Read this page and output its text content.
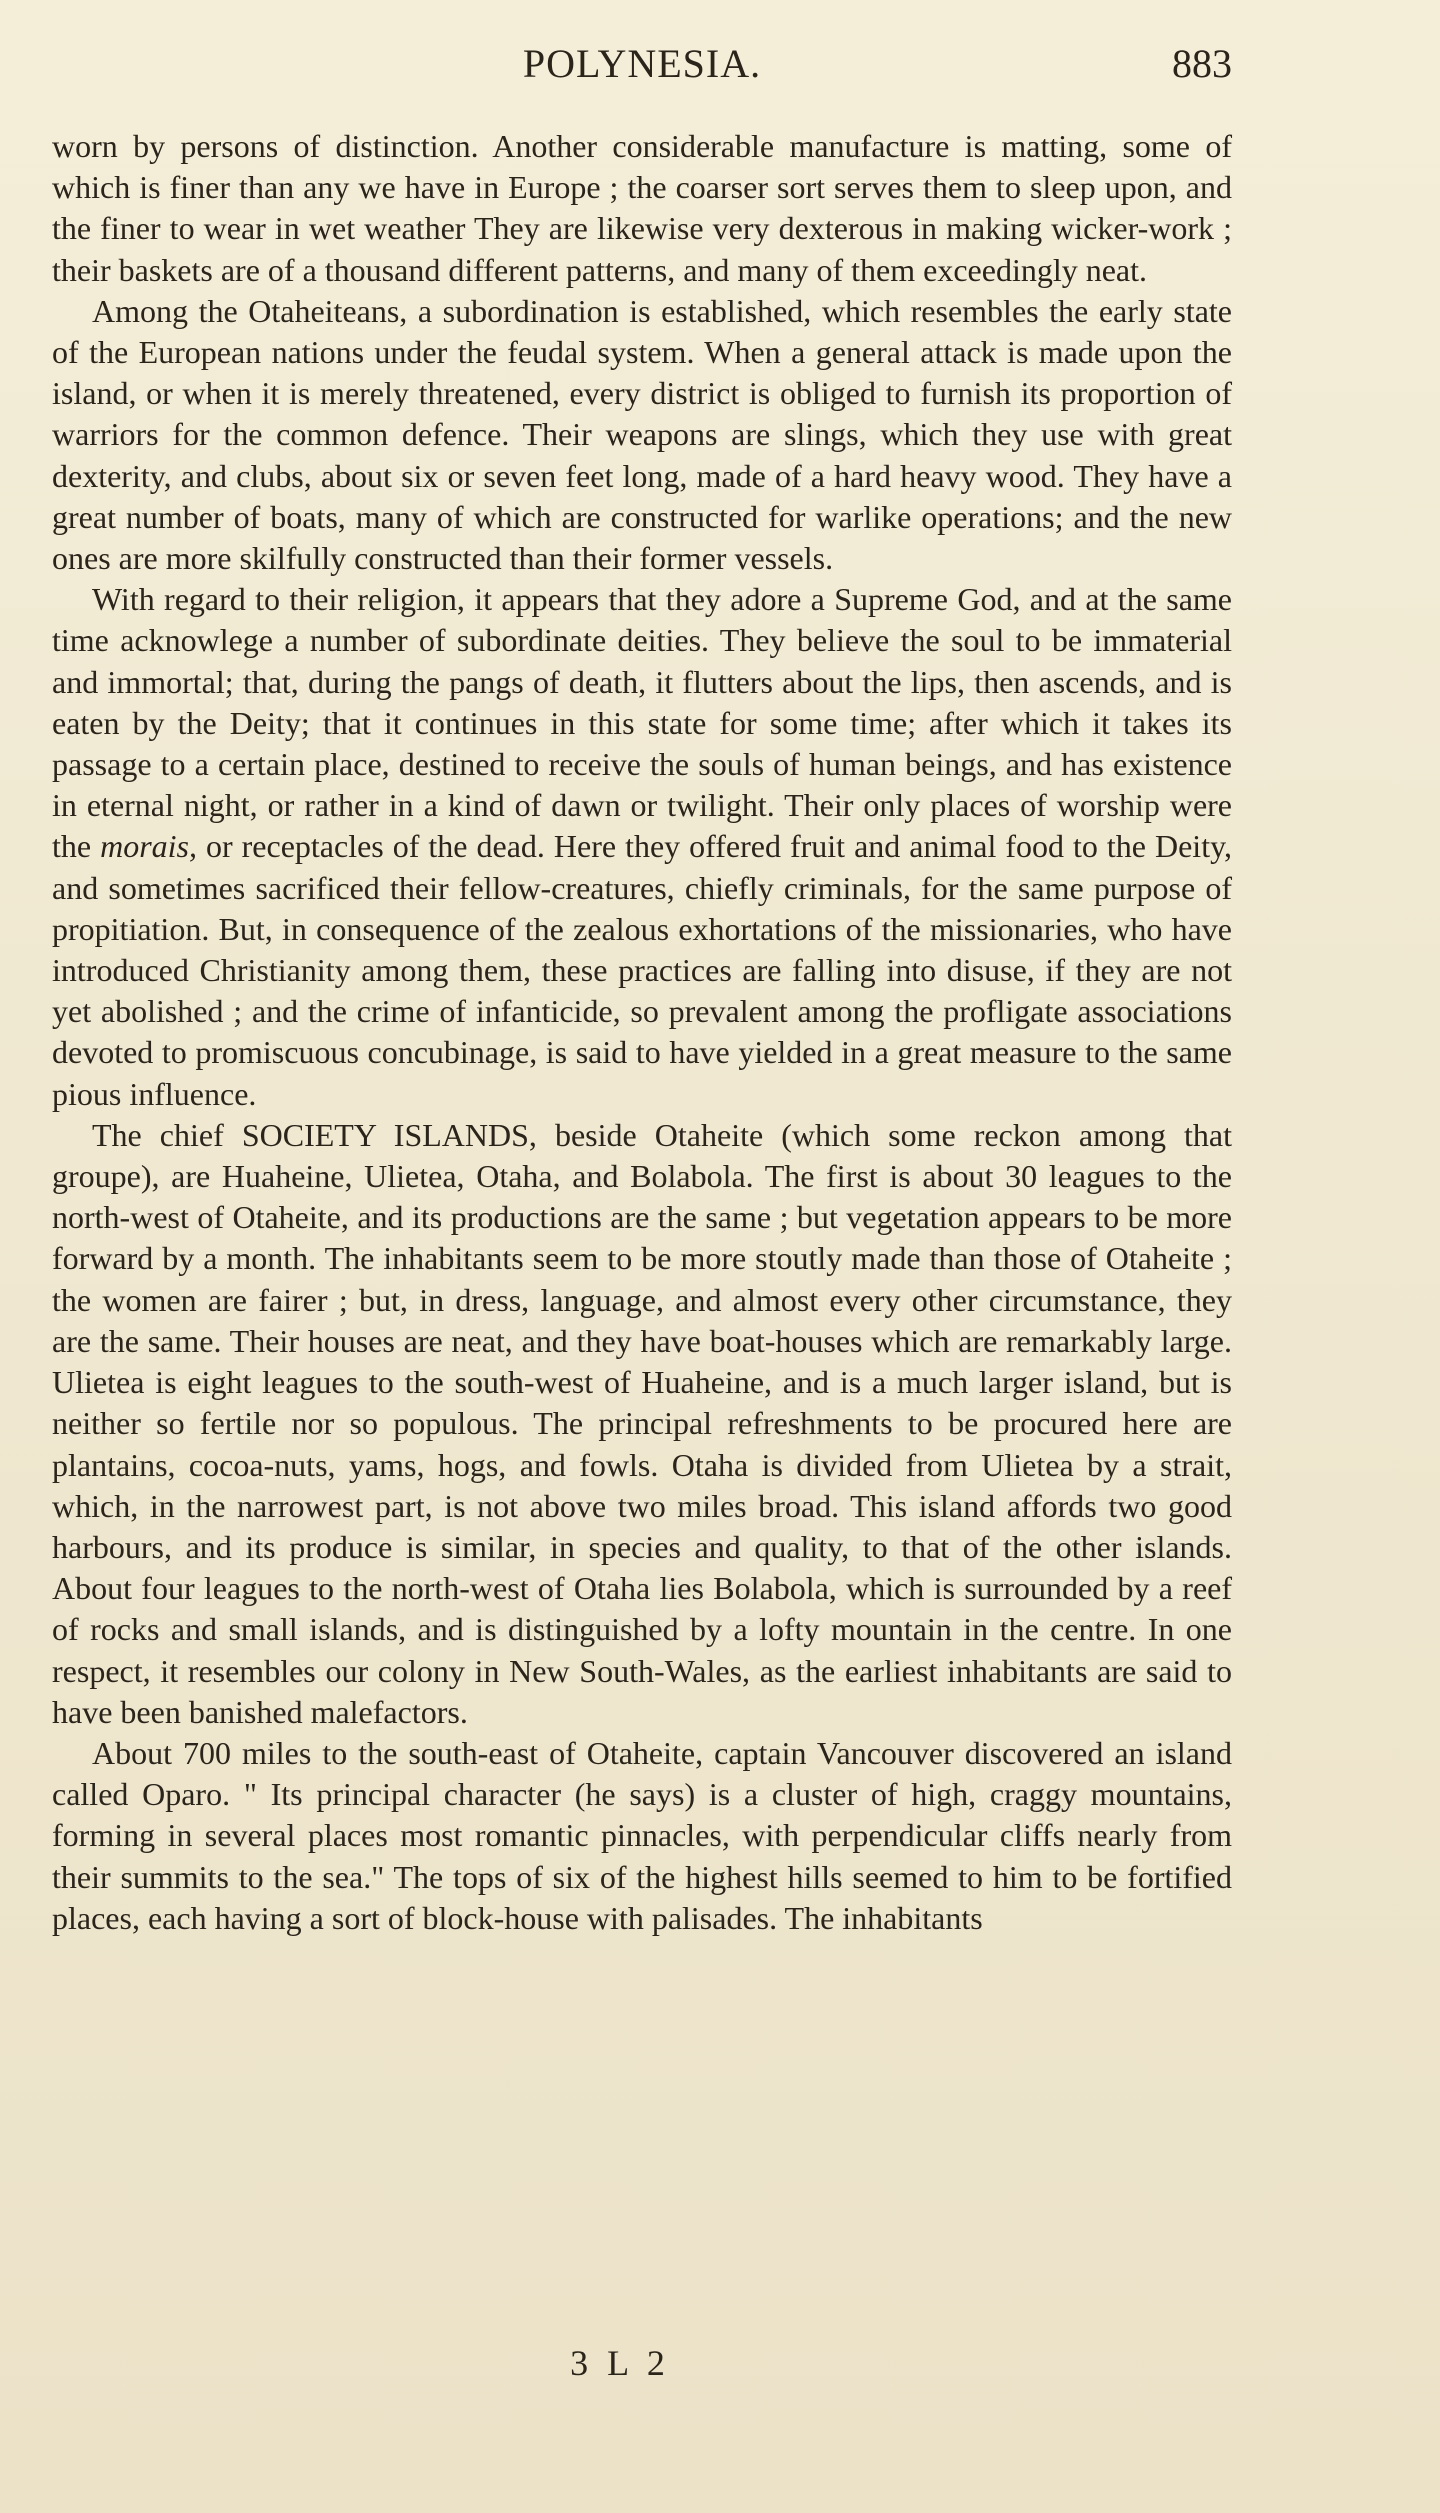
POLYNESIA.	883

worn by persons of distinction. Another considerable manufacture is matting, some of which is finer than any we have in Europe ; the coarser sort serves them to sleep upon, and the finer to wear in wet weather They are likewise very dexterous in making wicker-work ; their baskets are of a thousand different patterns, and many of them exceedingly neat.

Among the Otaheiteans, a subordination is established, which resembles the early state of the European nations under the feudal system. When a general attack is made upon the island, or when it is merely threatened, every district is obliged to furnish its proportion of warriors for the common defence. Their weapons are slings, which they use with great dexterity, and clubs, about six or seven feet long, made of a hard heavy wood. They have a great number of boats, many of which are constructed for warlike operations; and the new ones are more skilfully constructed than their former vessels.

With regard to their religion, it appears that they adore a Supreme God, and at the same time acknowlege a number of subordinate deities. They believe the soul to be immaterial and immortal; that, during the pangs of death, it flutters about the lips, then ascends, and is eaten by the Deity; that it continues in this state for some time; after which it takes its passage to a certain place, destined to receive the souls of human beings, and has existence in eternal night, or rather in a kind of dawn or twilight. Their only places of worship were the morais, or receptacles of the dead. Here they offered fruit and animal food to the Deity, and sometimes sacrificed their fellow-creatures, chiefly criminals, for the same purpose of propitiation. But, in consequence of the zealous exhortations of the missionaries, who have introduced Christianity among them, these practices are falling into disuse, if they are not yet abolished ; and the crime of infanticide, so prevalent among the profligate associations devoted to promiscuous concubinage, is said to have yielded in a great measure to the same pious influence.

The chief SOCIETY ISLANDS, beside Otaheite (which some reckon among that groupe), are Huaheine, Ulietea, Otaha, and Bolabola. The first is about 30 leagues to the north-west of Otaheite, and its productions are the same ; but vegetation appears to be more forward by a month. The inhabitants seem to be more stoutly made than those of Otaheite ; the women are fairer ; but, in dress, language, and almost every other circumstance, they are the same. Their houses are neat, and they have boat-houses which are remarkably large. Ulietea is eight leagues to the south-west of Huaheine, and is a much larger island, but is neither so fertile nor so populous. The principal refreshments to be procured here are plantains, cocoa-nuts, yams, hogs, and fowls. Otaha is divided from Ulietea by a strait, which, in the narrowest part, is not above two miles broad. This island affords two good harbours, and its produce is similar, in species and quality, to that of the other islands. About four leagues to the north-west of Otaha lies Bolabola, which is surrounded by a reef of rocks and small islands, and is distinguished by a lofty mountain in the centre. In one respect, it resembles our colony in New South-Wales, as the earliest inhabitants are said to have been banished malefactors.

About 700 miles to the south-east of Otaheite, captain Vancouver discovered an island called Oparo. " Its principal character (he says) is a cluster of high, craggy mountains, forming in several places most romantic pinnacles, with perpendicular cliffs nearly from their summits to the sea." The tops of six of the highest hills seemed to him to be fortified places, each having a sort of block-house with palisades. The inhabitants

3 L 2
